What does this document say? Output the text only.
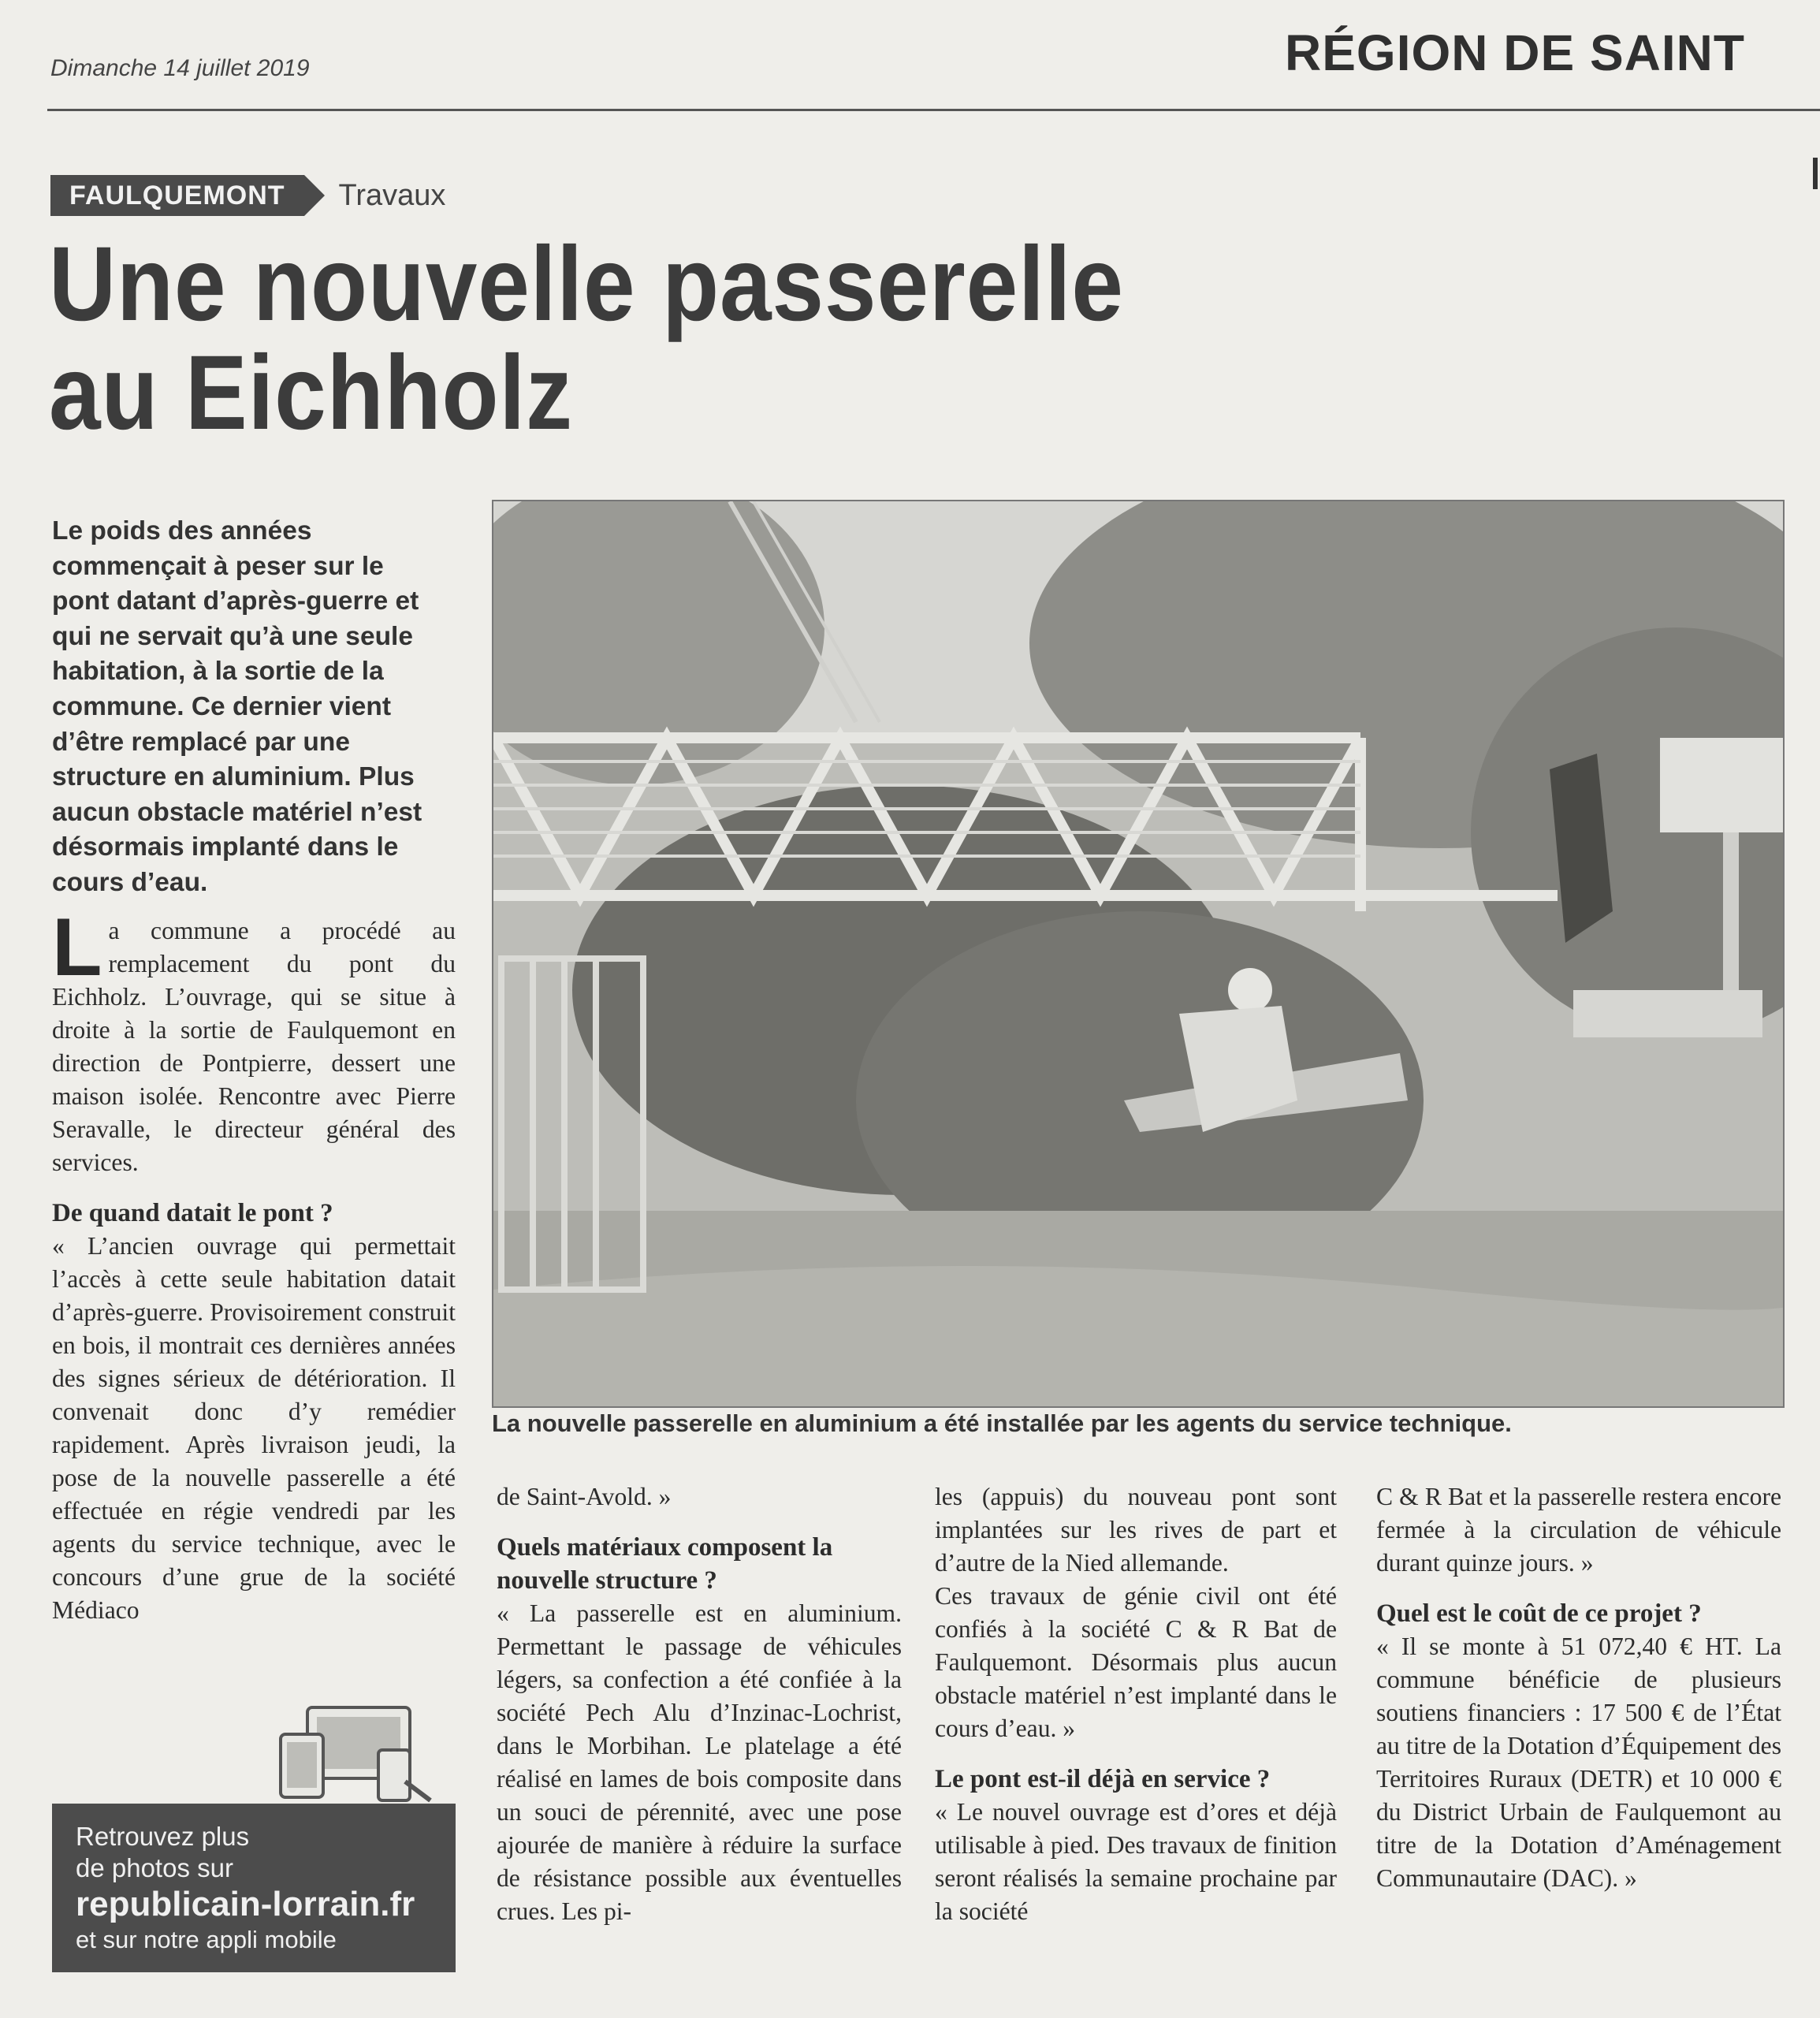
Dimanche 14 juillet 2019	RÉGION DE SAINT
FAULQUEMONT	Travaux
Une nouvelle passerelle
au Eichholz
Le poids des années commençait à peser sur le pont datant d’après-guerre et qui ne servait qu’à une seule habitation, à la sortie de la commune. Ce dernier vient d’être remplacé par une structure en aluminium. Plus aucun obstacle matériel n’est désormais implanté dans le cours d’eau.
La nouvelle passerelle en aluminium a été installée par les agents du service technique.

La commune a procédé au remplacement du pont du Eichholz. L’ouvrage, qui se situe à droite à la sortie de Faulquemont en direction de Pontpierre, dessert une maison isolée. Rencontre avec Pierre Seravalle, le directeur général des services.

De quand datait le pont ?

« L’ancien ouvrage qui permettait l’accès à cette seule habitation datait d’après-guerre. Provisoirement construit en bois, il montrait ces dernières années des signes sérieux de détérioration. Il convenait donc d’y remédier rapidement. Après livraison jeudi, la pose de la nouvelle passerelle a été effectuée en régie vendredi par les agents du service technique, avec le concours d’une grue de la société Médiaco

de Saint-Avold. »

Quels matériaux composent la nouvelle structure ?

« La passerelle est en aluminium. Permettant le passage de véhicules légers, sa confection a été confiée à la société Pech Alu d’Inzinac-Lochrist, dans le Morbihan. Le platelage a été réalisé en lames de bois composite dans un souci de pérennité, avec une pose ajourée de manière à réduire la surface de résistance possible aux éventuelles crues. Les pi-

les (appuis) du nouveau pont sont implantées sur les rives de part et d’autre de la Nied allemande.

Ces travaux de génie civil ont été confiés à la société C & R Bat de Faulquemont. Désormais plus aucun obstacle matériel n’est implanté dans le cours d’eau. »

Le pont est-il déjà en service ?

« Le nouvel ouvrage est d’ores et déjà utilisable à pied. Des travaux de finition seront réalisés la semaine prochaine par la société

C & R Bat et la passerelle restera encore fermée à la circulation de véhicule durant quinze jours. »

Quel est le coût de ce projet ?

« Il se monte à 51 072,40 € HT. La commune bénéficie de plusieurs soutiens financiers : 17 500 € de l’État au titre de la Dotation d’Équipement des Territoires Ruraux (DETR) et 10 000 € du District Urbain de Faulquemont au titre de la Dotation d’Aménagement Communautaire (DAC). »

Retrouvez plus
de photos sur
republicain-lorrain.fr
et sur notre appli mobile
